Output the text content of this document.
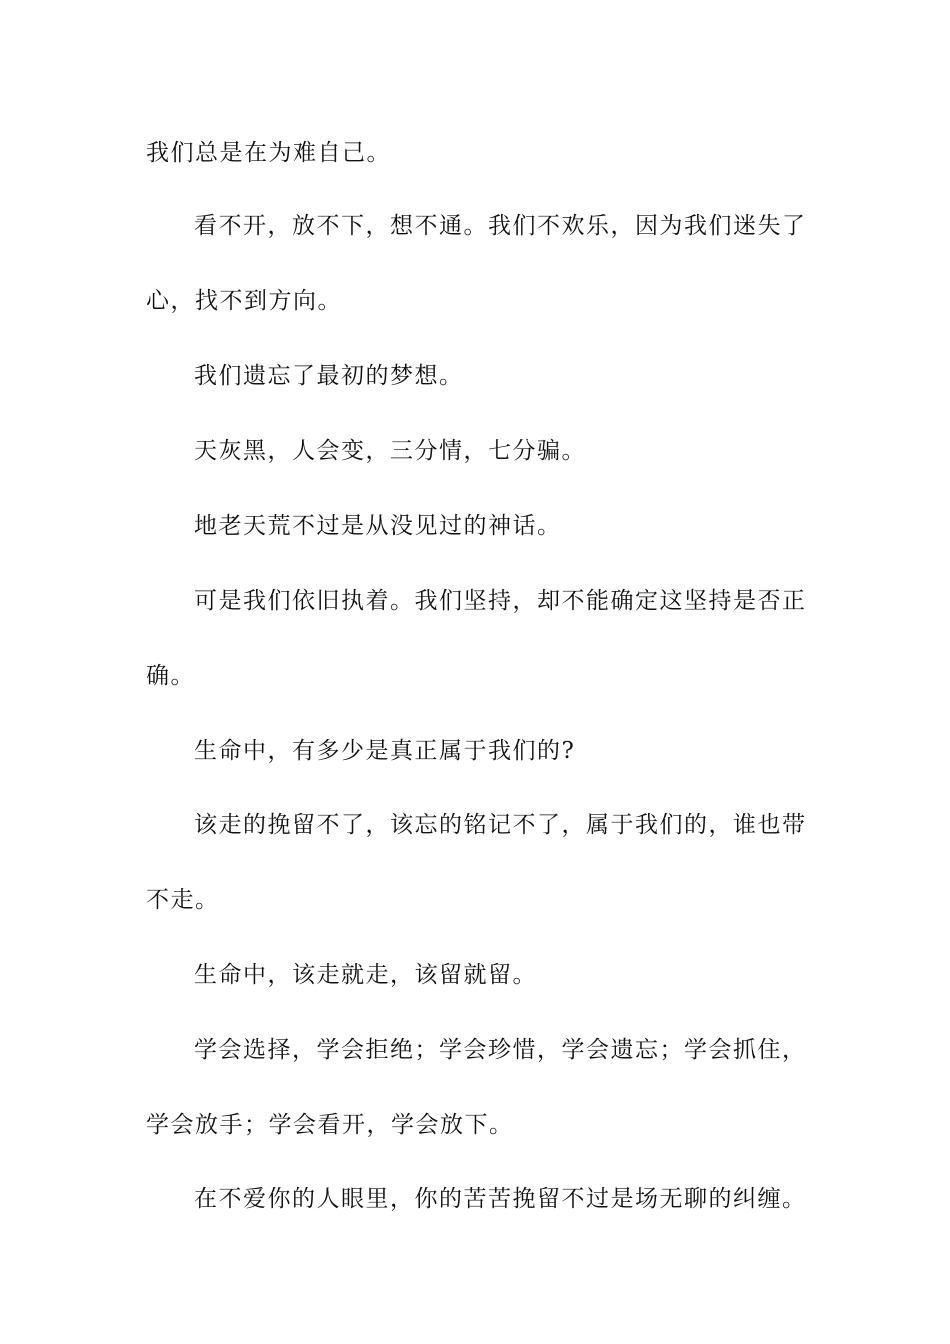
我们总是在为难自己。
看不开，放不下，想不通。我们不欢乐，因为我们迷失了
心，找不到方向。
我们遗忘了最初的梦想。
天灰黑，人会变，三分情，七分骗。
地老天荒不过是从没见过的神话。
可是我们依旧执着。我们坚持，却不能确定这坚持是否正
确。
生命中，有多少是真正属于我们的?
该走的挽留不了，该忘的铭记不了，属于我们的，谁也带
不走。
生命中，该走就走，该留就留。
学会选择，学会拒绝；学会珍惜，学会遗忘；学会抓住，
学会放手；学会看开，学会放下。
在不爱你的人眼里，你的苦苦挽留不过是场无聊的纠缠。
